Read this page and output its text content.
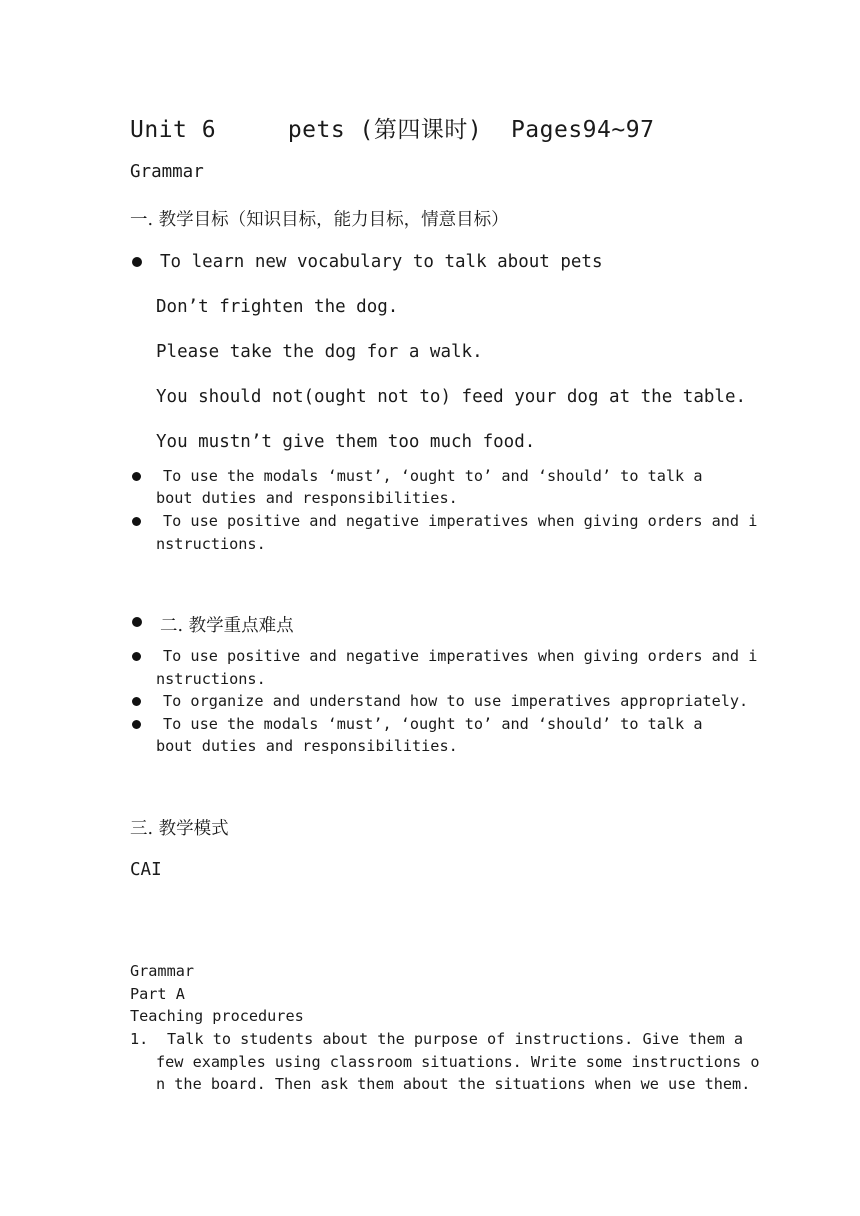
Unit 6     pets (第四课时)  Pages94~97
Grammar
一. 教学目标（知识目标，能力目标，情意目标）
To learn new vocabulary to talk about pets
Don’t frighten the dog.
Please take the dog for a walk.
You should not(ought not to) feed your dog at the table.
You mustn’t give them too much food.
To use the modals ‘must’, ‘ought to’ and ‘should’ to talk a
bout duties and responsibilities.
To use positive and negative imperatives when giving orders and i
nstructions.
二. 教学重点难点
To use positive and negative imperatives when giving orders and i
nstructions.
To organize and understand how to use imperatives appropriately.
To use the modals ‘must’, ‘ought to’ and ‘should’ to talk a
bout duties and responsibilities.
三. 教学模式
CAI
Grammar
Part A
Teaching procedures
1. Talk to students about the purpose of instructions. Give them a
few examples using classroom situations. Write some instructions o
n the board. Then ask them about the situations when we use them.
